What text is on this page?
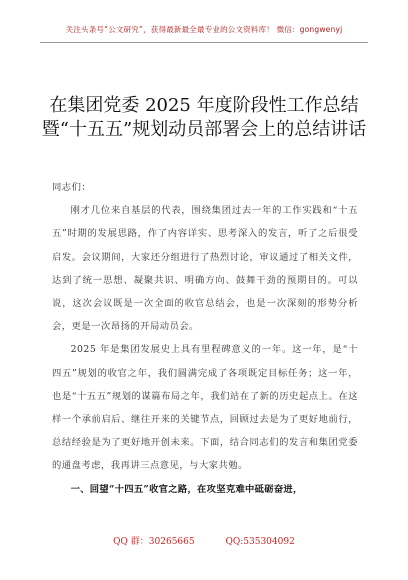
关注头条号“公文研究”，获得最新最全最专业的公文资料库！ 微信：gongwenyj
在集团党委 2025 年度阶段性工作总结暨“十五五”规划动员部署会上的总结讲话

同志们：

刚才几位来自基层的代表，围绕集团过去一年的工作实践和“十五五”时期的发展思路，作了内容详实、思考深入的发言，听了之后很受启发。会议期间，大家还分组进行了热烈讨论，审议通过了相关文件，达到了统一思想、凝聚共识、明确方向、鼓舞干劲的预期目的。可以说，这次会议既是一次全面的收官总结会，也是一次深刻的形势分析会，更是一次昂扬的开局动员会。

2025 年是集团发展史上具有里程碑意义的一年。这一年，是“十四五”规划的收官之年，我们圆满完成了各项既定目标任务；这一年，也是“十五五”规划的谋篇布局之年，我们站在了新的历史起点上。在这样一个承前启后、继往开来的关键节点，回顾过去是为了更好地前行，总结经验是为了更好地开创未来。下面，结合同志们的发言和集团党委的通盘考虑，我再讲三点意见，与大家共勉。

一、回望“十四五”收官之路，在攻坚克难中砥砺奋进，

QQ 群：30265665	QQ:535304092
